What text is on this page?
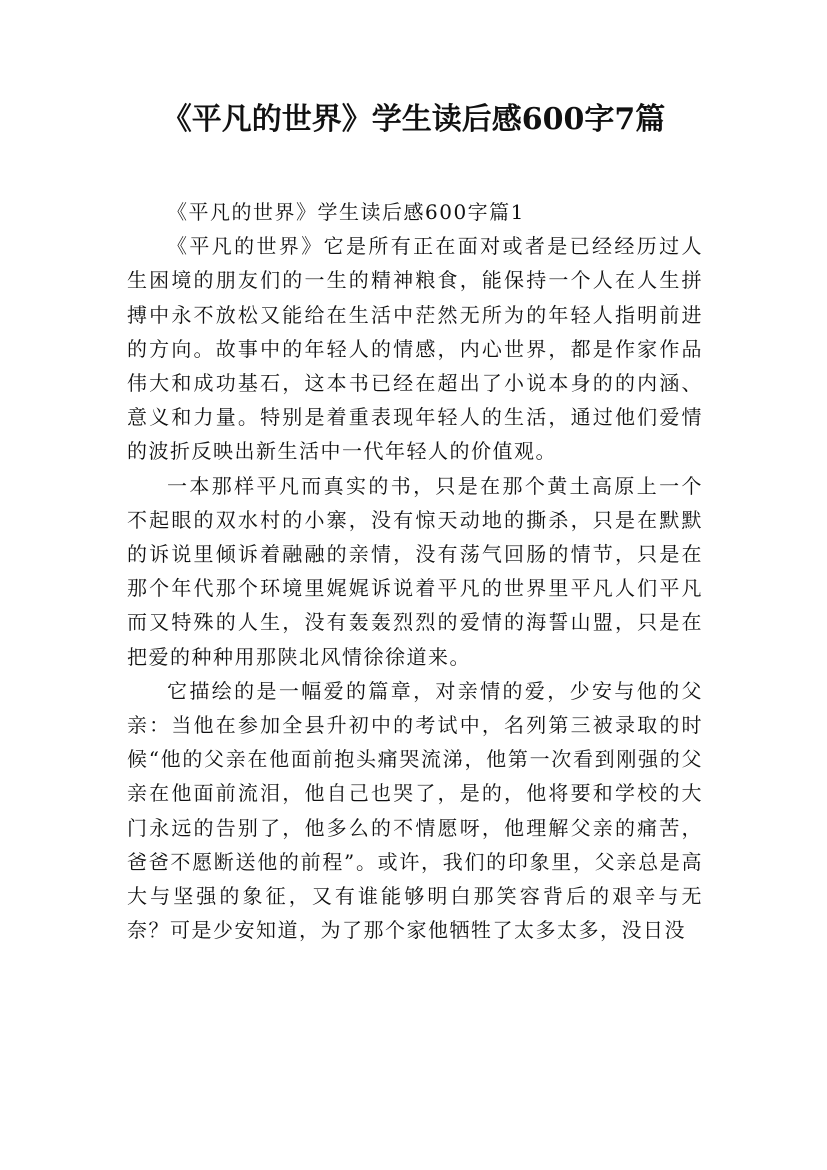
《平凡的世界》学生读后感600字7篇

《平凡的世界》学生读后感600字篇1

《平凡的世界》它是所有正在面对或者是已经经历过人生困境的朋友们的一生的精神粮食，能保持一个人在人生拼搏中永不放松又能给在生活中茫然无所为的年轻人指明前进的方向。故事中的年轻人的情感，内心世界，都是作家作品伟大和成功基石，这本书已经在超出了小说本身的的内涵、意义和力量。特别是着重表现年轻人的生活，通过他们爱情的波折反映出新生活中一代年轻人的价值观。

一本那样平凡而真实的书，只是在那个黄土高原上一个不起眼的双水村的小寨，没有惊天动地的撕杀，只是在默默的诉说里倾诉着融融的亲情，没有荡气回肠的情节，只是在那个年代那个环境里娓娓诉说着平凡的世界里平凡人们平凡而又特殊的人生，没有轰轰烈烈的爱情的海誓山盟，只是在把爱的种种用那陕北风情徐徐道来。

它描绘的是一幅爱的篇章，对亲情的爱，少安与他的父亲：当他在参加全县升初中的考试中，名列第三被录取的时候“他的父亲在他面前抱头痛哭流涕，他第一次看到刚强的父亲在他面前流泪，他自己也哭了，是的，他将要和学校的大门永远的告别了，他多么的不情愿呀，他理解父亲的痛苦，爸爸不愿断送他的前程”。或许，我们的印象里，父亲总是高大与坚强的象征，又有谁能够明白那笑容背后的艰辛与无奈？可是少安知道，为了那个家他牺牲了太多太多，没日没
